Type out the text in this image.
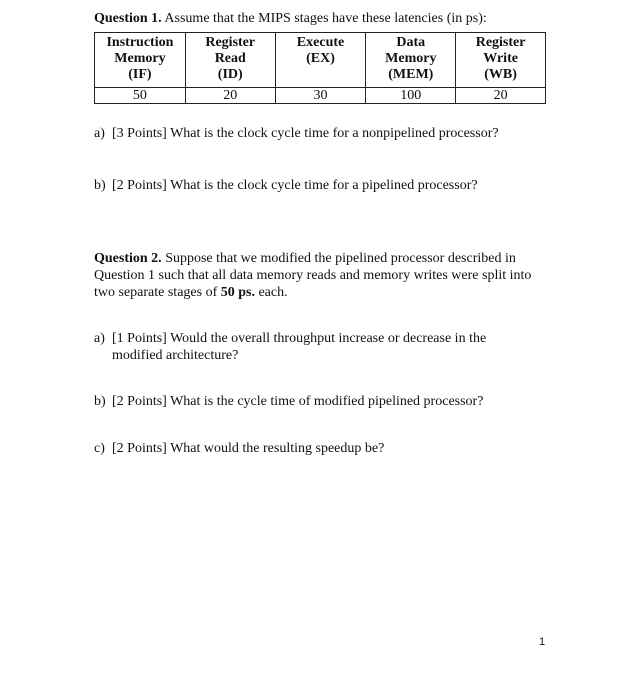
Question 1. Assume that the MIPS stages have these latencies (in ps):
Instruction
Memory
(IF)	Register
Read
(ID)	Execute
(EX)	Data
Memory
(MEM)	Register
Write
(WB)

50	20	30	100	20
a) [3 Points] What is the clock cycle time for a nonpipelined processor?
b) [2 Points] What is the clock cycle time for a pipelined processor?
Question 2. Suppose that we modified the pipelined processor described in Question 1 such that all data memory reads and memory writes were split into two separate stages of 50 ps. each.
a) [1 Points] Would the overall throughput increase or decrease in the
modified architecture?
b) [2 Points] What is the cycle time of modified pipelined processor?
c) [2 Points] What would the resulting speedup be?
1
